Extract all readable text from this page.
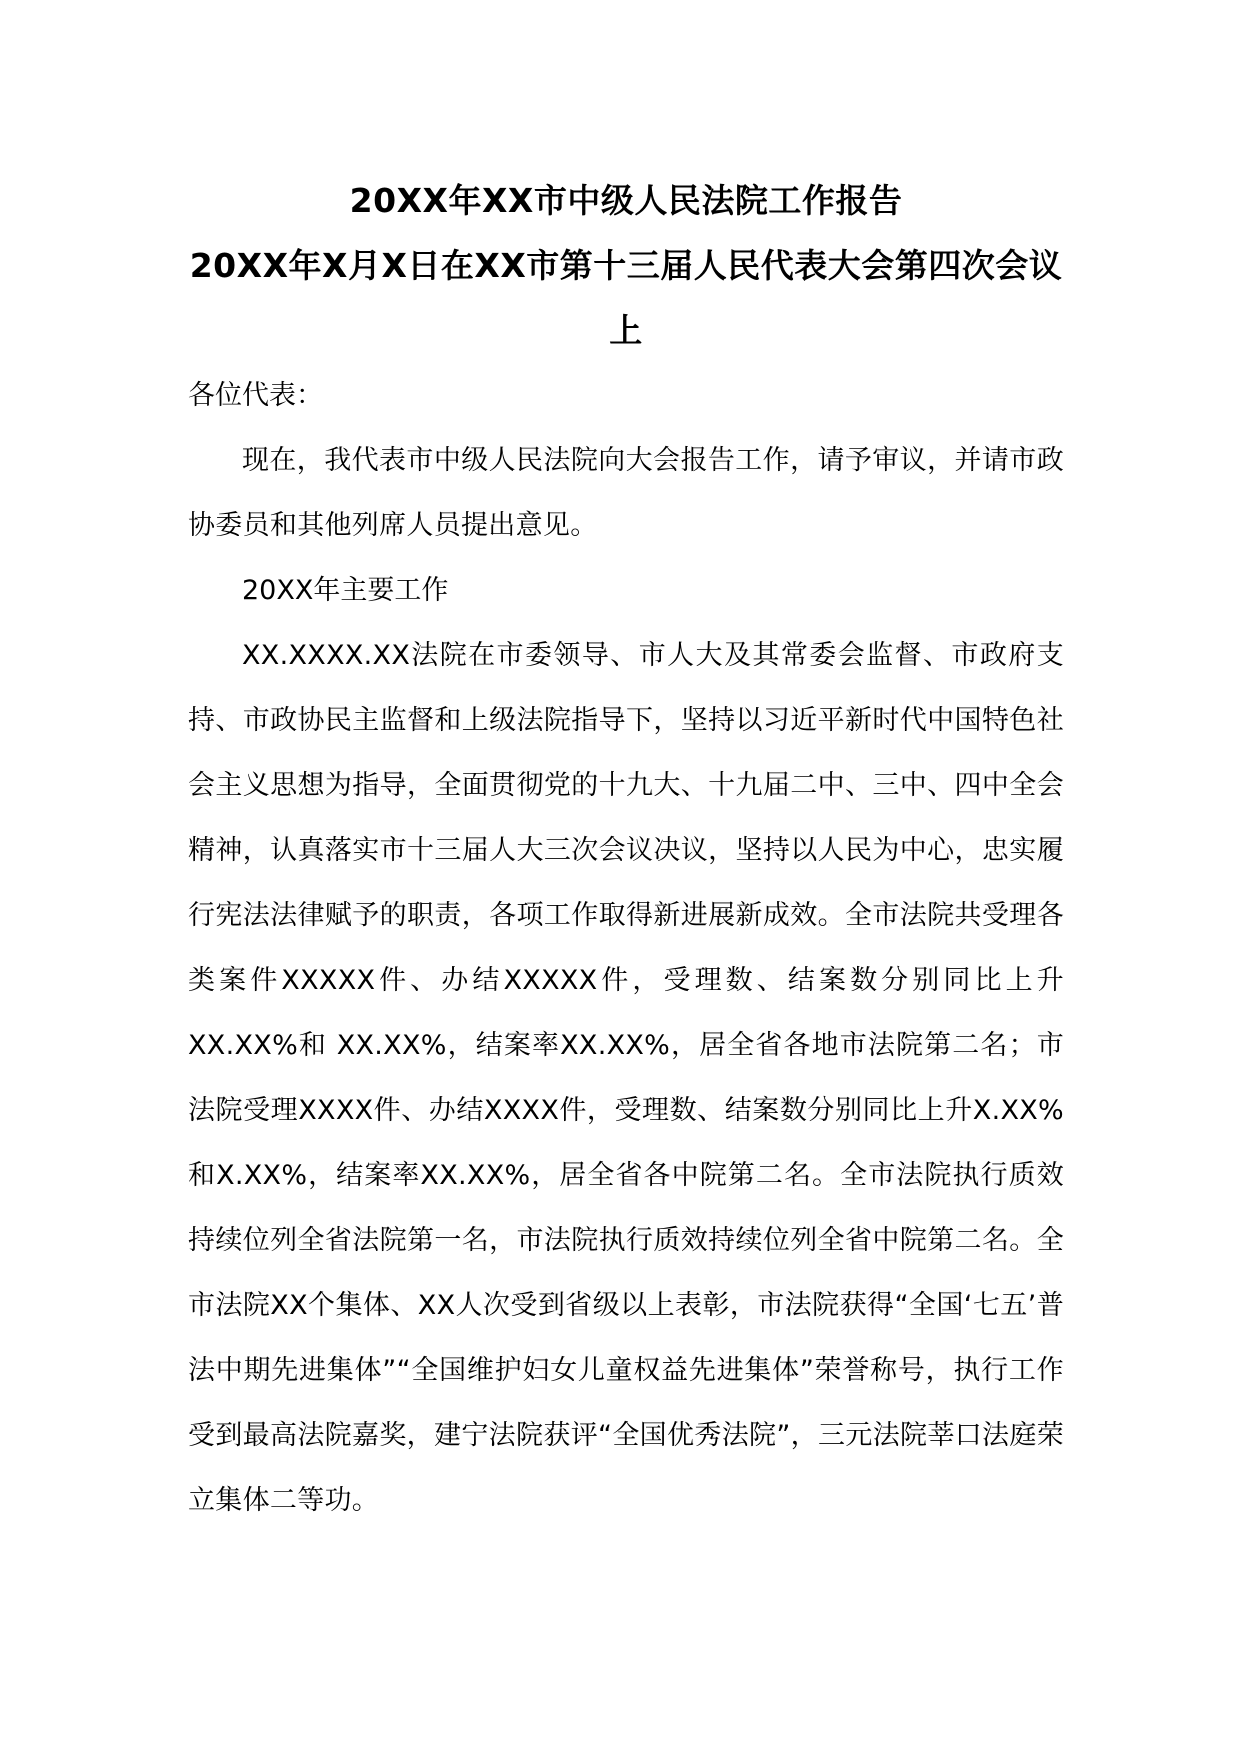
20XX年XX市中级人民法院工作报告

20XX年X月X日在XX市第十三届人民代表大会第四次会议上

各位代表：

现在，我代表市中级人民法院向大会报告工作，请予审议，并请市政协委员和其他列席人员提出意见。

20XX年主要工作

XX.XXXX.XX法院在市委领导、市人大及其常委会监督、市政府支持、市政协民主监督和上级法院指导下，坚持以习近平新时代中国特色社会主义思想为指导，全面贯彻党的十九大、十九届二中、三中、四中全会精神，认真落实市十三届人大三次会议决议，坚持以人民为中心，忠实履行宪法法律赋予的职责，各项工作取得新进展新成效。全市法院共受理各类案件XXXXX件、办结XXXXX件，受理数、结案数分别同比上升 XX.XX%和 XX.XX%，结案率XX.XX%，居全省各地市法院第二名；市法院受理XXXX件、办结XXXX件，受理数、结案数分别同比上升X.XX%和X.XX%，结案率XX.XX%，居全省各中院第二名。全市法院执行质效持续位列全省法院第一名，市法院执行质效持续位列全省中院第二名。全市法院XX个集体、XX人次受到省级以上表彰，市法院获得“全国‘七五’普法中期先进集体”“全国维护妇女儿童权益先进集体”荣誉称号，执行工作受到最高法院嘉奖，建宁法院获评“全国优秀法院”，三元法院莘口法庭荣立集体二等功。
